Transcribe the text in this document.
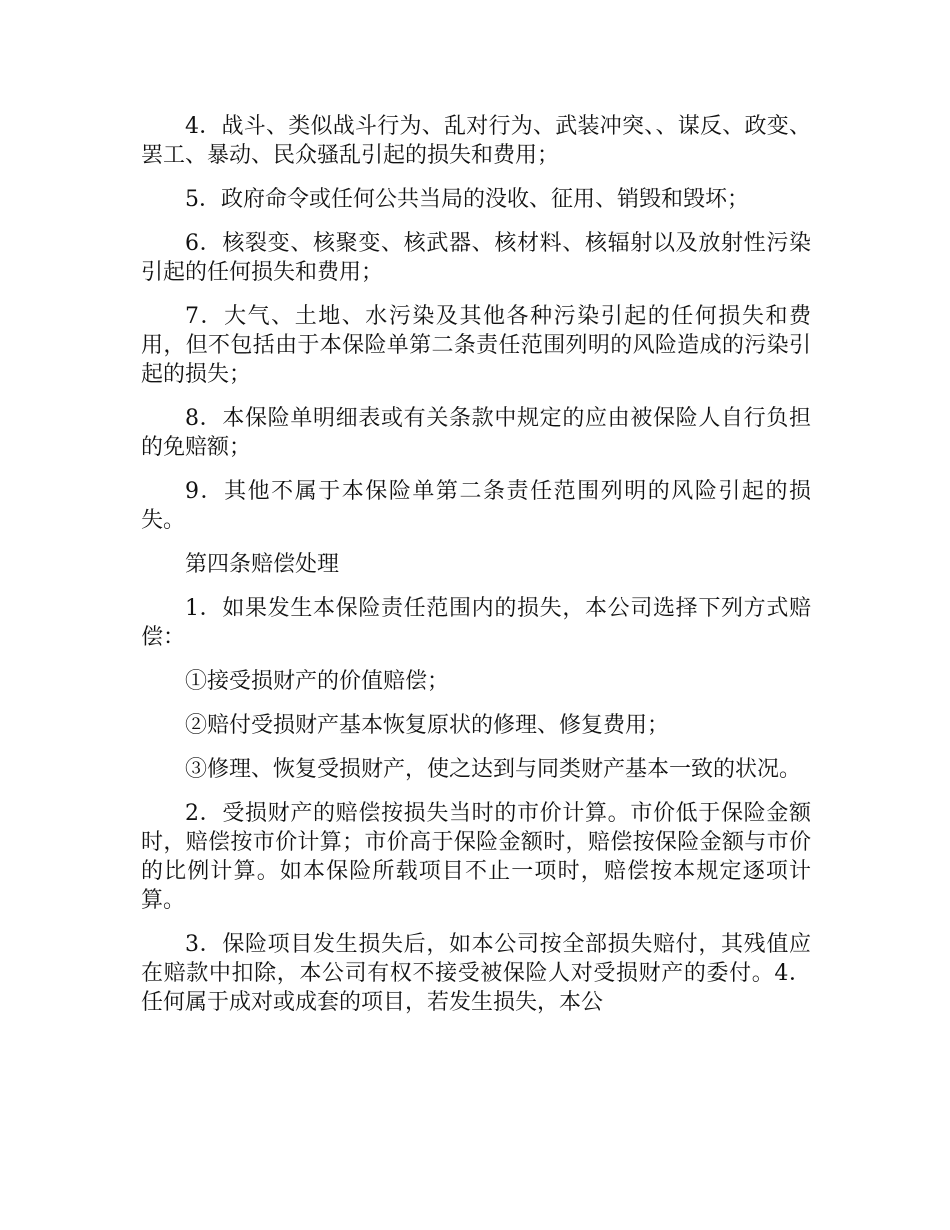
4．战斗、类似战斗行为、乱对行为、武装冲突、、谋反、政变、罢工、暴动、民众骚乱引起的损失和费用；

5．政府命令或任何公共当局的没收、征用、销毁和毁坏；

6．核裂变、核聚变、核武器、核材料、核辐射以及放射性污染引起的任何损失和费用；

7．大气、土地、水污染及其他各种污染引起的任何损失和费用，但不包括由于本保险单第二条责任范围列明的风险造成的污染引起的损失；

8．本保险单明细表或有关条款中规定的应由被保险人自行负担的免赔额；

9．其他不属于本保险单第二条责任范围列明的风险引起的损失。

第四条赔偿处理

1．如果发生本保险责任范围内的损失，本公司选择下列方式赔偿：

①接受损财产的价值赔偿；

②赔付受损财产基本恢复原状的修理、修复费用；

③修理、恢复受损财产，使之达到与同类财产基本一致的状况。

2．受损财产的赔偿按损失当时的市价计算。市价低于保险金额时，赔偿按市价计算；市价高于保险金额时，赔偿按保险金额与市价的比例计算。如本保险所载项目不止一项时，赔偿按本规定逐项计算。

3．保险项目发生损失后，如本公司按全部损失赔付，其残值应在赔款中扣除，本公司有权不接受被保险人对受损财产的委付。4．任何属于成对或成套的项目，若发生损失，本公
